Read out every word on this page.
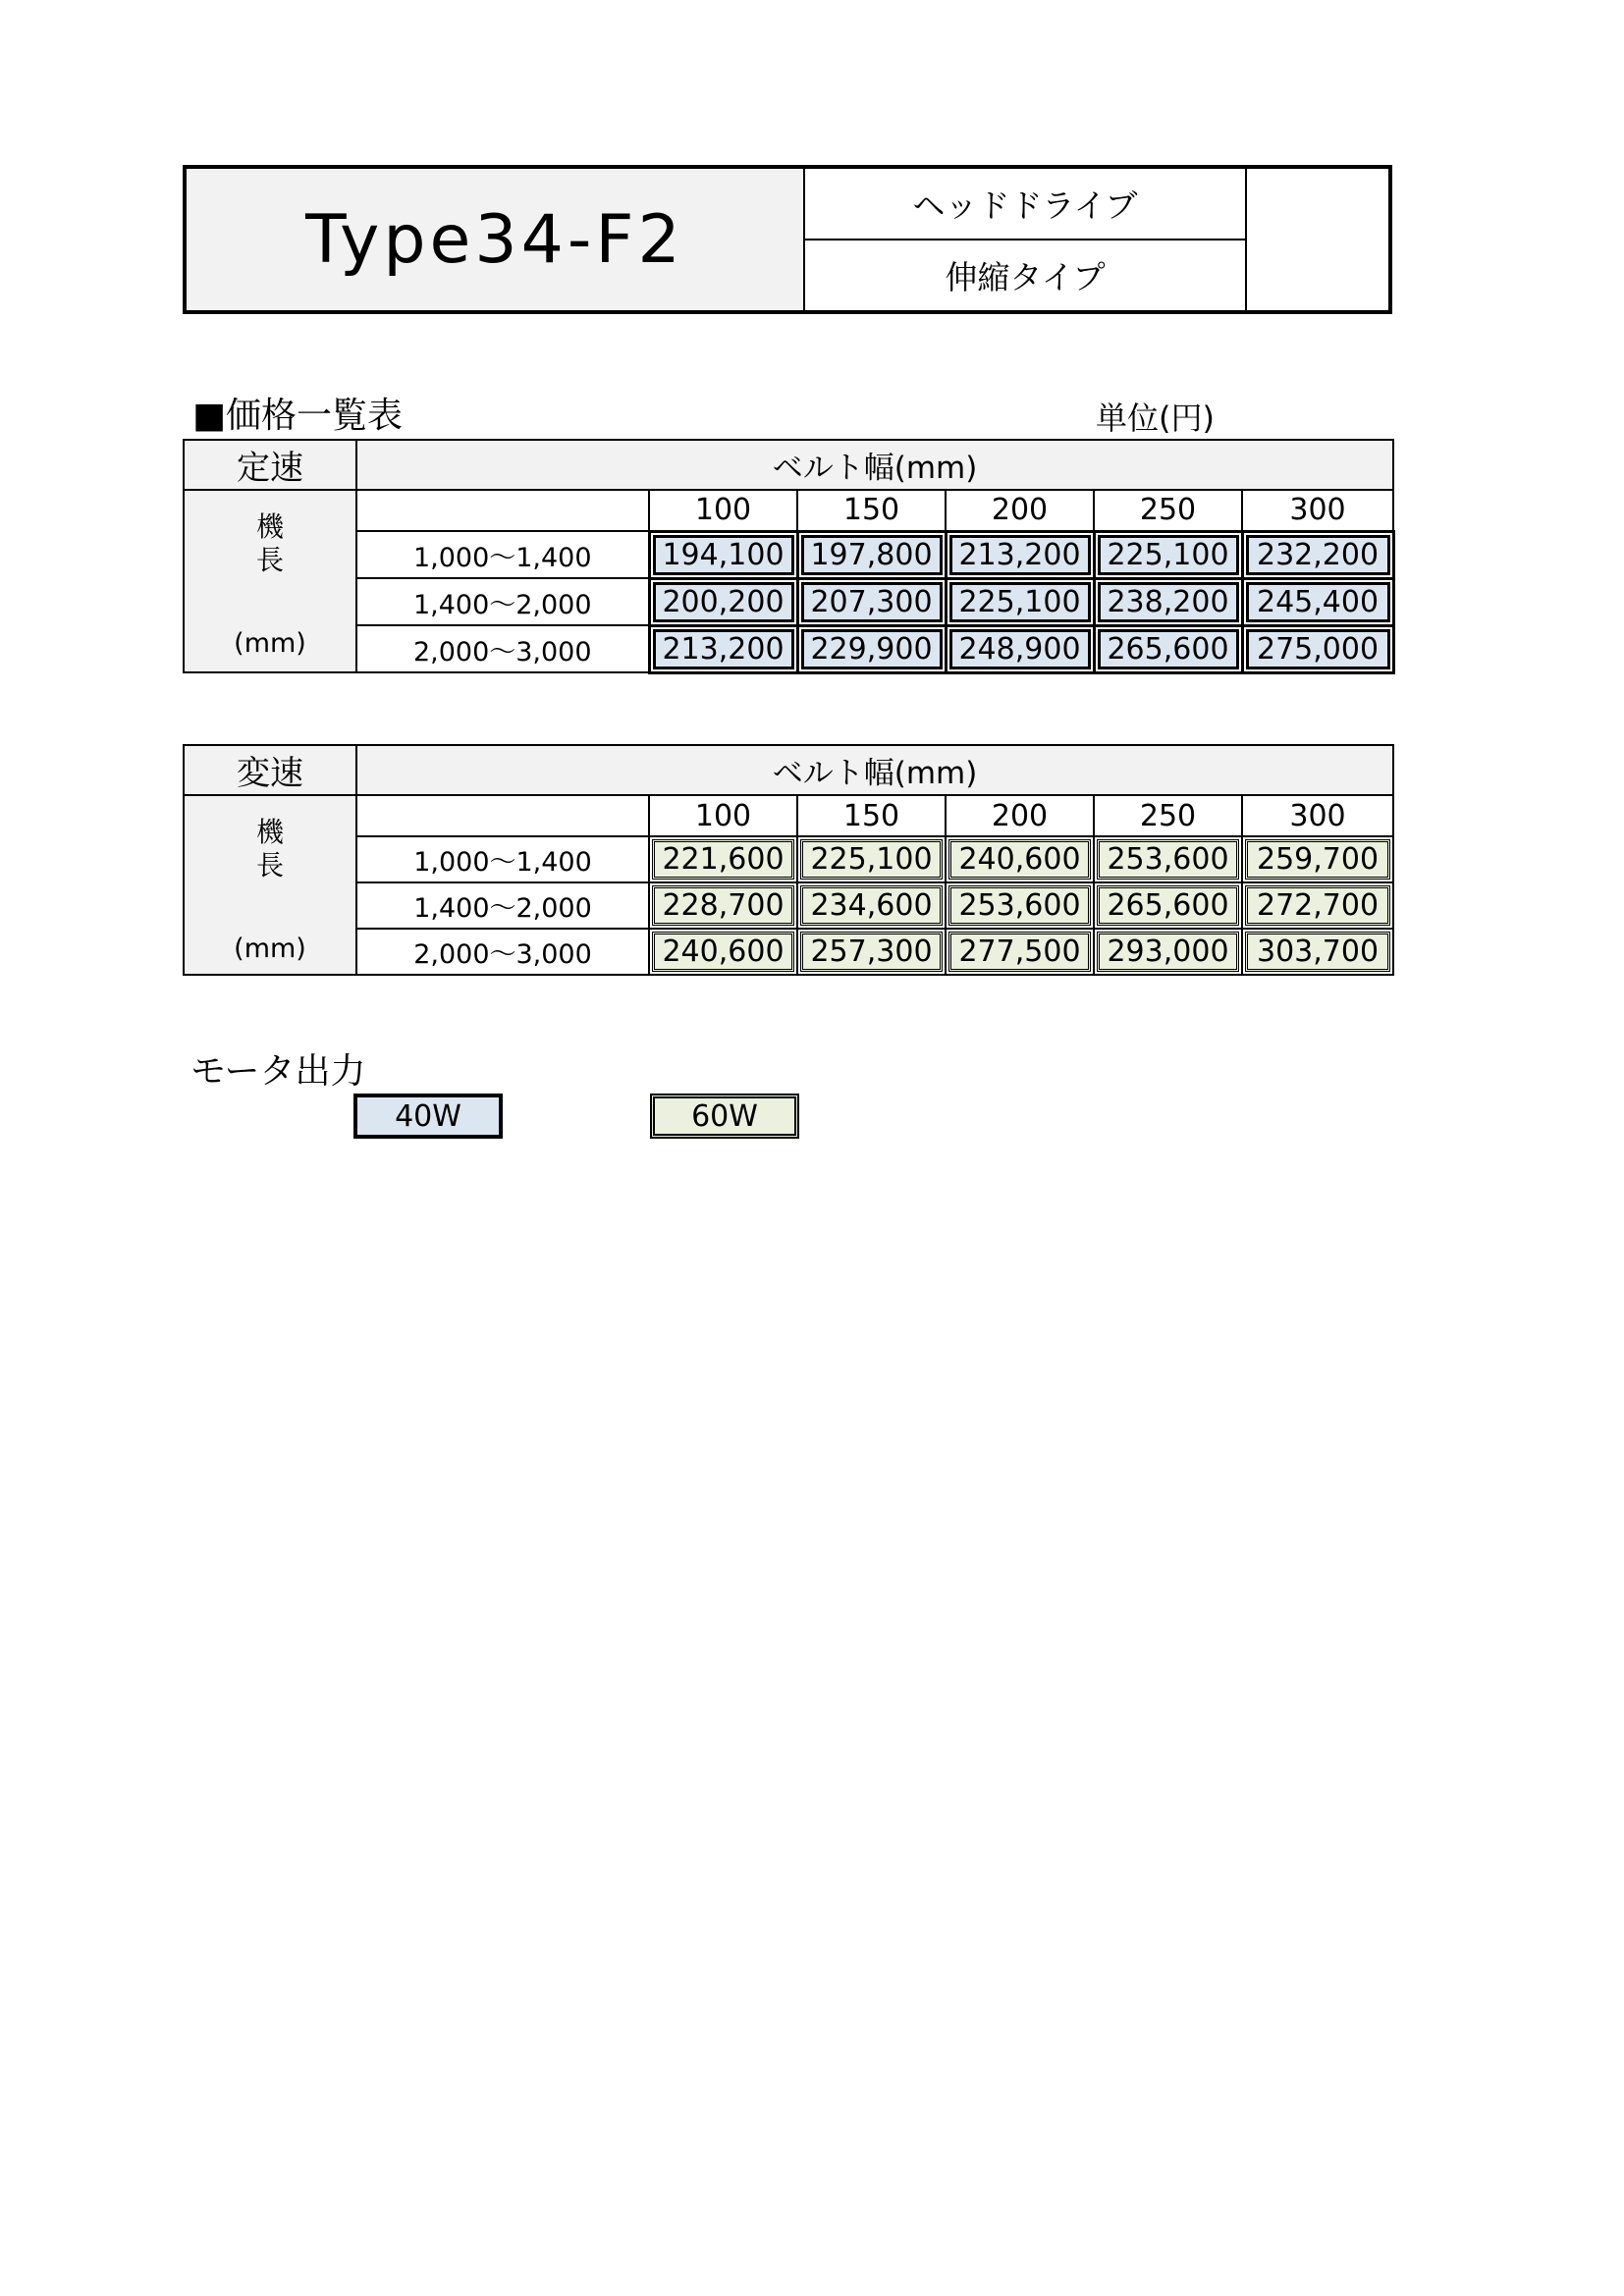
Type34-F2	ヘッドドライブ
伸縮タイプ
■価格一覧表	単位(円)
定速	ベルト幅(mm)					

機
長
(mm)		100	150	200	250	300
	1,000～1,400	194,100	197,800	213,200	225,100	232,200

	1,400～2,000	200,200	207,300	225,100	238,200	245,400

	2,000～3,000	213,200	229,900	248,900	265,600	275,000
変速	ベルト幅(mm)					

機
長
(mm)		100	150	200	250	300
	1,000～1,400	221,600	225,100	240,600	253,600	259,700

	1,400～2,000	228,700	234,600	253,600	265,600	272,700

	2,000～3,000	240,600	257,300	277,500	293,000	303,700
モータ出力
40W	60W
